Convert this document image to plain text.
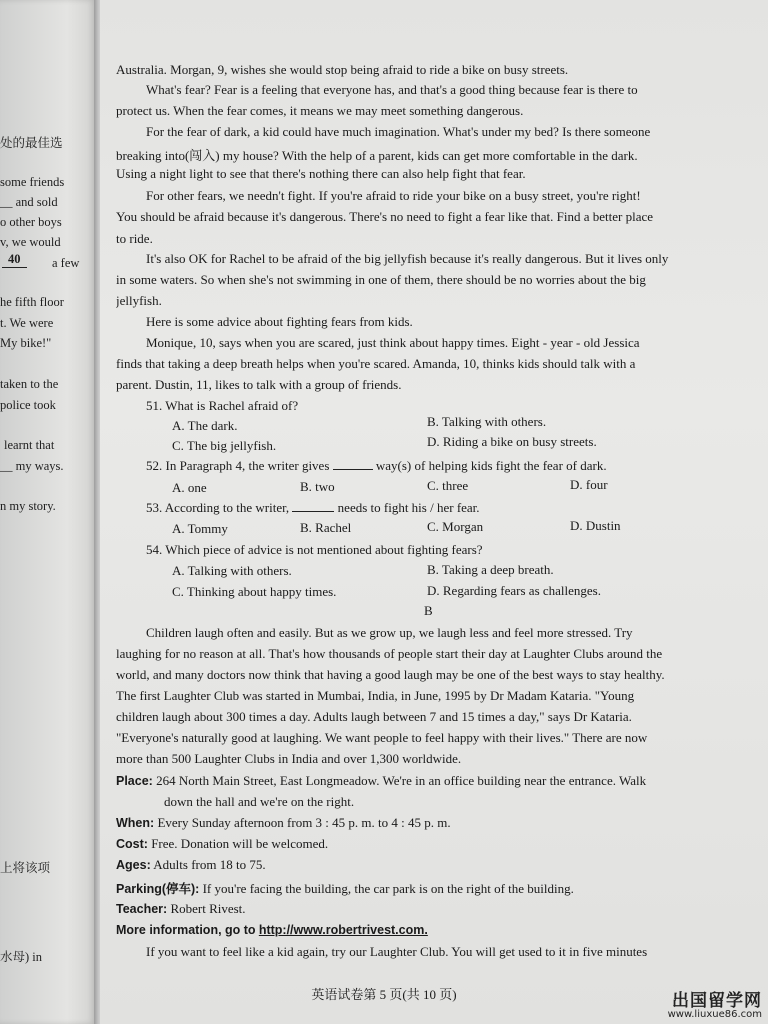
处的最佳选
some friends
__ and sold
o other boys
v, we would
40	a few
he fifth floor
t. We were
My bike!"
taken to the
police took
learnt that
__ my ways.
n my story.
上将该项
水母) in
Australia. Morgan, 9, wishes she would stop being afraid to ride a bike on busy streets.
What's fear? Fear is a feeling that everyone has, and that's a good thing because fear is there to
protect us. When the fear comes, it means we may meet something dangerous.
For the fear of dark, a kid could have much imagination. What's under my bed? Is there someone
breaking into(闯入) my house? With the help of a parent, kids can get more comfortable in the dark.
Using a night light to see that there's nothing there can also help fight that fear.
For other fears, we needn't fight. If you're afraid to ride your bike on a busy street, you're right!
You should be afraid because it's dangerous. There's no need to fight a fear like that. Find a better place
to ride.
It's also OK for Rachel to be afraid of the big jellyfish because it's really dangerous. But it lives only
in some waters. So when she's not swimming in one of them, there should be no worries about the big
jellyfish.
Here is some advice about fighting fears from kids.
Monique, 10, says when you are scared, just think about happy times. Eight - year - old Jessica
finds that taking a deep breath helps when you're scared. Amanda, 10, thinks kids should talk with a
parent. Dustin, 11, likes to talk with a group of friends.
51. What is Rachel afraid of?
A. The dark.	B. Talking with others.
C. The big jellyfish.	D. Riding a bike on busy streets.
52. In Paragraph 4, the writer gives	way(s) of helping kids fight the fear of dark.
A. one	B. two	C. three	D. four
53. According to the writer,	needs to fight his / her fear.
A. Tommy	B. Rachel	C. Morgan	D. Dustin
54. Which piece of advice is not mentioned about fighting fears?
A. Talking with others.	B. Taking a deep breath.
C. Thinking about happy times.	D. Regarding fears as challenges.
B
Children laugh often and easily. But as we grow up, we laugh less and feel more stressed. Try
laughing for no reason at all. That's how thousands of people start their day at Laughter Clubs around the
world, and many doctors now think that having a good laugh may be one of the best ways to stay healthy.
The first Laughter Club was started in Mumbai, India, in June, 1995 by Dr Madam Kataria. "Young
children laugh about 300 times a day. Adults laugh between 7 and 15 times a day," says Dr Kataria.
"Everyone's naturally good at laughing. We want people to feel happy with their lives." There are now
more than 500 Laughter Clubs in India and over 1,300 worldwide.
Place: 264 North Main Street, East Longmeadow. We're in an office building near the entrance. Walk
down the hall and we're on the right.
When: Every Sunday afternoon from 3 : 45 p. m. to 4 : 45 p. m.
Cost: Free. Donation will be welcomed.
Ages: Adults from 18 to 75.
Parking(停车): If you're facing the building, the car park is on the right of the building.
Teacher: Robert Rivest.
More information, go to http://www.robertrivest.com.
If you want to feel like a kid again, try our Laughter Club. You will get used to it in five minutes
英语试卷第 5 页(共 10 页)	出国留学网
www.liuxue86.com
